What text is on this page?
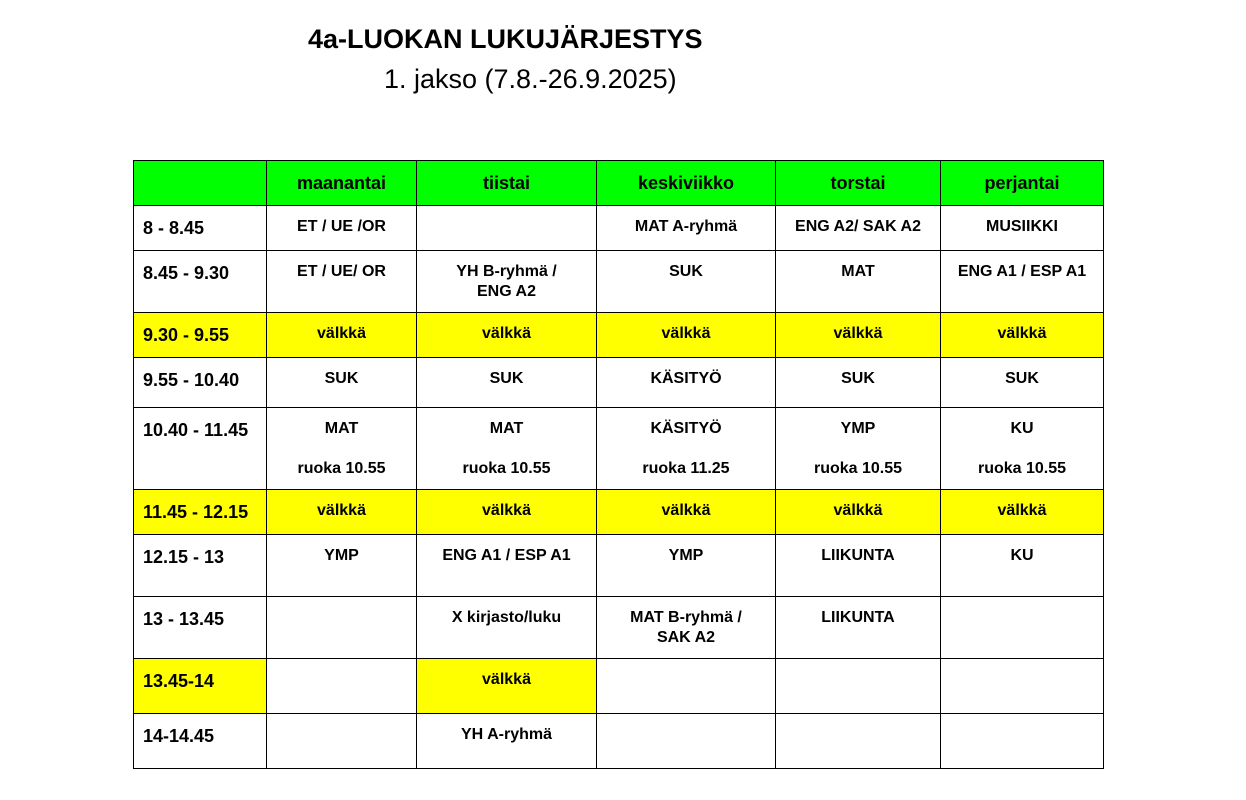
4a-LUOKAN LUKUJÄRJESTYS
1. jakso (7.8.-26.9.2025)
	maanantai	tiistai	keskiviikko	torstai	perjantai
8 - 8.45	ET / UE /OR		MAT A-ryhmä	ENG A2/ SAK A2	MUSIIKKI

8.45 - 9.30	ET / UE/ OR	YH B-ryhmä /
ENG A2	SUK	MAT	ENG A1 / ESP A1

9.30 - 9.55	välkkä	välkkä	välkkä	välkkä	välkkä

9.55 - 10.40	SUK	SUK	KÄSITYÖ	SUK	SUK

10.40 - 11.45	MAT
ruoka 10.55	MAT
ruoka 10.55	KÄSITYÖ
ruoka 11.25	YMP
ruoka 10.55	KU
ruoka 10.55

11.45 - 12.15	välkkä	välkkä	välkkä	välkkä	välkkä

12.15 - 13	YMP	ENG A1 / ESP A1	YMP	LIIKUNTA	KU

13 - 13.45		X kirjasto/luku	MAT B-ryhmä /
SAK A2	LIIKUNTA	

13.45-14		välkkä			

14-14.45		YH A-ryhmä			
